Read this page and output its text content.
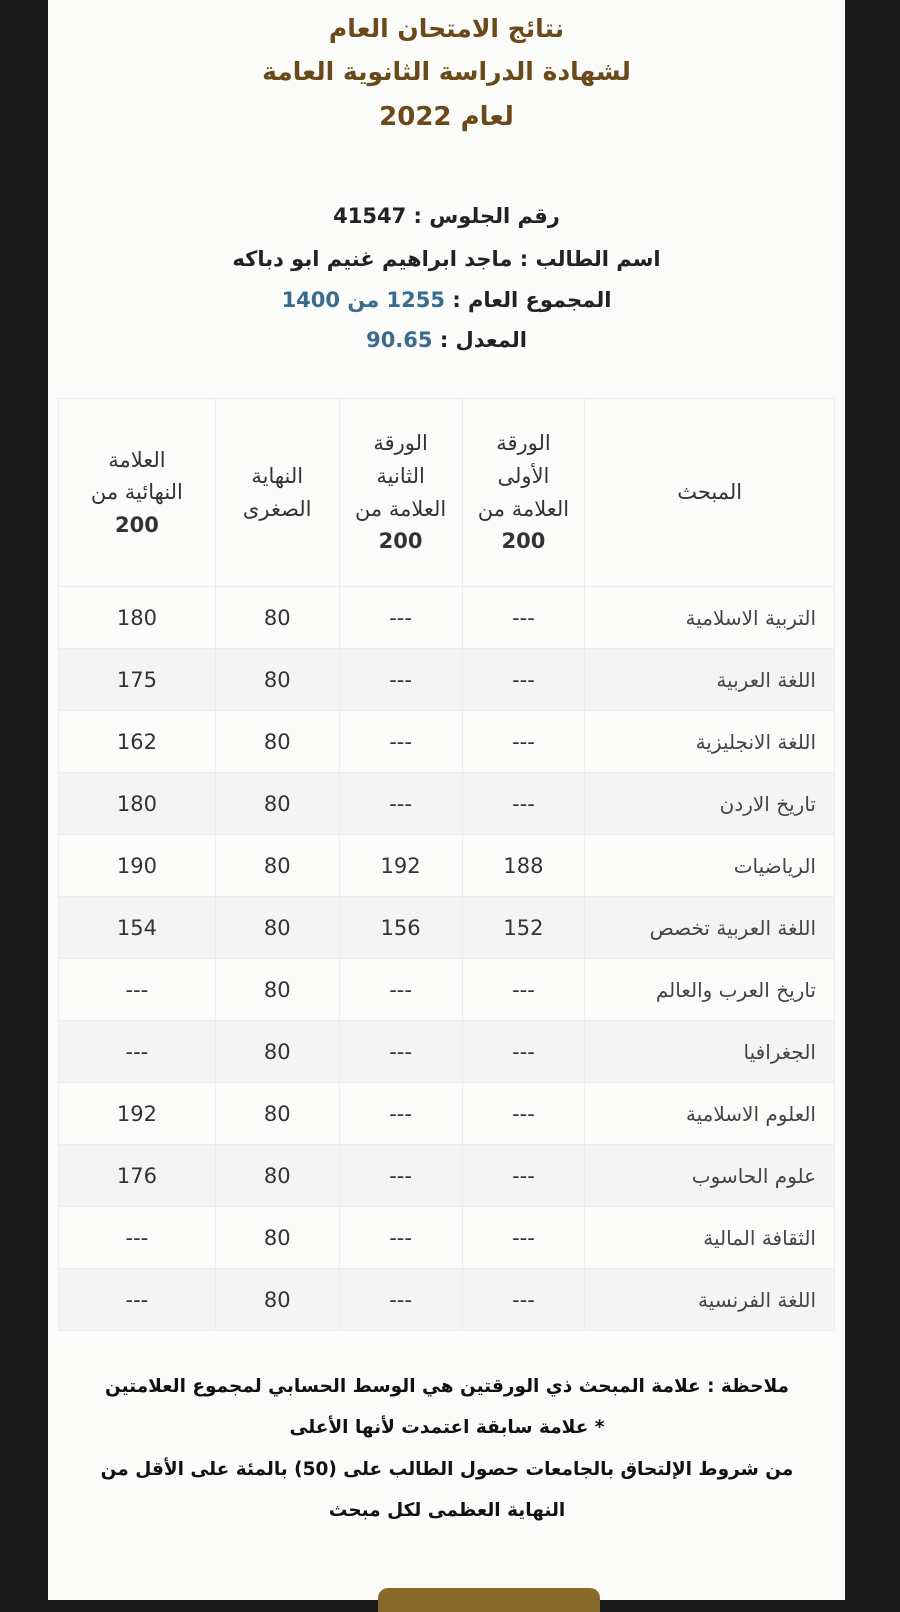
نتائج الامتحان العام
لشهادة الدراسة الثانوية العامة
لعام 2022
رقم الجلوس : 41547
اسم الطالب : ماجد ابراهيم غنيم ابو دباكه
المجموع العام : 1255 من 1400
المعدل : 90.65
المبحث	الورقة
الأولى
العلامة من
200	الورقة
الثانية
العلامة من
200	النهاية
الصغرى	العلامة
النهائية من
200

التربية الاسلامية	---	---	80	180
اللغة العربية	---	---	80	175
اللغة الانجليزية	---	---	80	162
تاريخ الاردن	---	---	80	180
الرياضيات	188	192	80	190
اللغة العربية تخصص	152	156	80	154
تاريخ العرب والعالم	---	---	80	---
الجغرافيا	---	---	80	---
العلوم الاسلامية	---	---	80	192
علوم الحاسوب	---	---	80	176
الثقافة المالية	---	---	80	---
اللغة الفرنسية	---	---	80	---
ملاحظة : علامة المبحث ذي الورقتين هي الوسط الحسابي لمجموع العلامتين
* علامة سابقة اعتمدت لأنها الأعلى
من شروط الإلتحاق بالجامعات حصول الطالب على (50) بالمئة على الأقل من
النهاية العظمى لكل مبحث
